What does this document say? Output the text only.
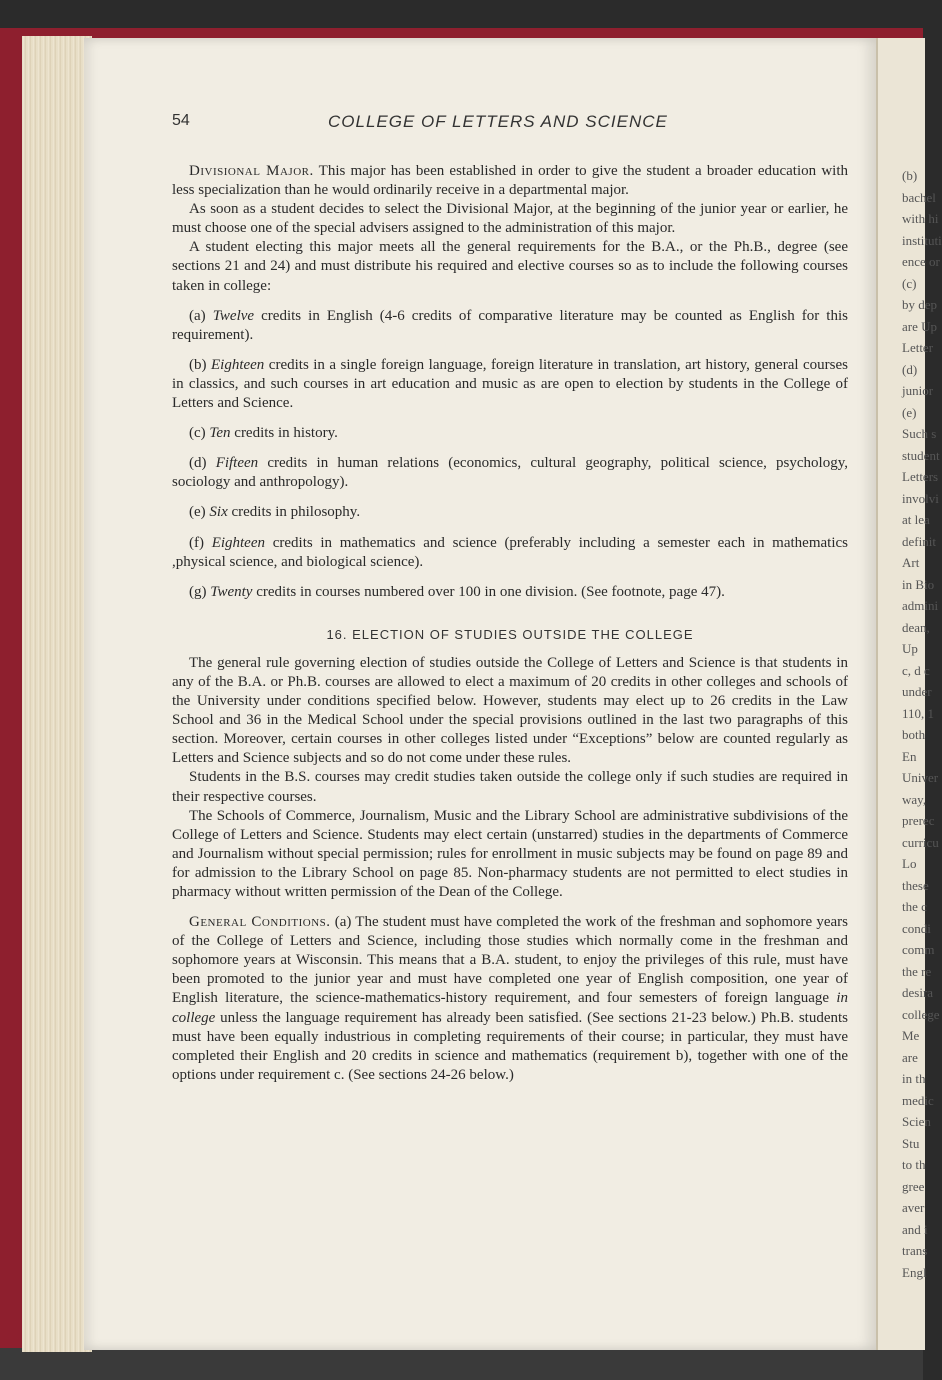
(b)
bachel
with hi
instituti
ence or
(c)
by dep
are Up
Letter
(d)
junior
(e)
Such s
student
Letters
involvi
at lea
definit
Art
in Bio
admini
dean,
Up
c, d c
under
110, 1
both
En
Univer
way,
prerec
curricu
Lo
these
the c
condi
comm
the re
desira
college
Me
are
in th
medic
Scien
Stu
to th
gree
aver
and i
trans
Engl
54	COLLEGE OF LETTERS AND SCIENCE

Divisional Major. This major has been established in order to give the student a broader education with less specialization than he would ordinarily receive in a departmental major.

As soon as a student decides to select the Divisional Major, at the beginning of the junior year or earlier, he must choose one of the special advisers assigned to the administration of this major.

A student electing this major meets all the general requirements for the B.A., or the Ph.B., degree (see sections 21 and 24) and must distribute his required and elective courses so as to include the following courses taken in college:

(a) Twelve credits in English (4-6 credits of comparative literature may be counted as English for this requirement).

(b) Eighteen credits in a single foreign language, foreign literature in translation, art history, general courses in classics, and such courses in art education and music as are open to election by students in the College of Letters and Science.

(c) Ten credits in history.

(d) Fifteen credits in human relations (economics, cultural geography, political science, psychology, sociology and anthropology).

(e) Six credits in philosophy.

(f) Eighteen credits in mathematics and science (preferably including a semester each in mathematics ,physical science, and biological science).

(g) Twenty credits in courses numbered over 100 in one division. (See footnote, page 47).

16. ELECTION OF STUDIES OUTSIDE THE COLLEGE

The general rule governing election of studies outside the College of Letters and Science is that students in any of the B.A. or Ph.B. courses are allowed to elect a maximum of 20 credits in other colleges and schools of the University under conditions specified below. However, students may elect up to 26 credits in the Law School and 36 in the Medical School under the special provisions outlined in the last two paragraphs of this section. Moreover, certain courses in other colleges listed under “Exceptions” below are counted regularly as Letters and Science subjects and so do not come under these rules.

Students in the B.S. courses may credit studies taken outside the college only if such studies are required in their respective courses.

The Schools of Commerce, Journalism, Music and the Library School are administrative subdivisions of the College of Letters and Science. Students may elect certain (unstarred) studies in the departments of Commerce and Journalism without special permission; rules for enrollment in music subjects may be found on page 89 and for admission to the Library School on page 85. Non-pharmacy students are not permitted to elect studies in pharmacy without written permission of the Dean of the College.

General Conditions. (a) The student must have completed the work of the freshman and sophomore years of the College of Letters and Science, including those studies which normally come in the freshman and sophomore years at Wisconsin. This means that a B.A. student, to enjoy the privileges of this rule, must have been promoted to the junior year and must have completed one year of English composition, one year of English literature, the science-mathematics-history requirement, and four semesters of foreign language in college unless the language requirement has already been satisfied. (See sections 21-23 below.) Ph.B. students must have been equally industrious in completing requirements of their course; in particular, they must have completed their English and 20 credits in science and mathematics (requirement b), together with one of the options under requirement c. (See sections 24-26 below.)
